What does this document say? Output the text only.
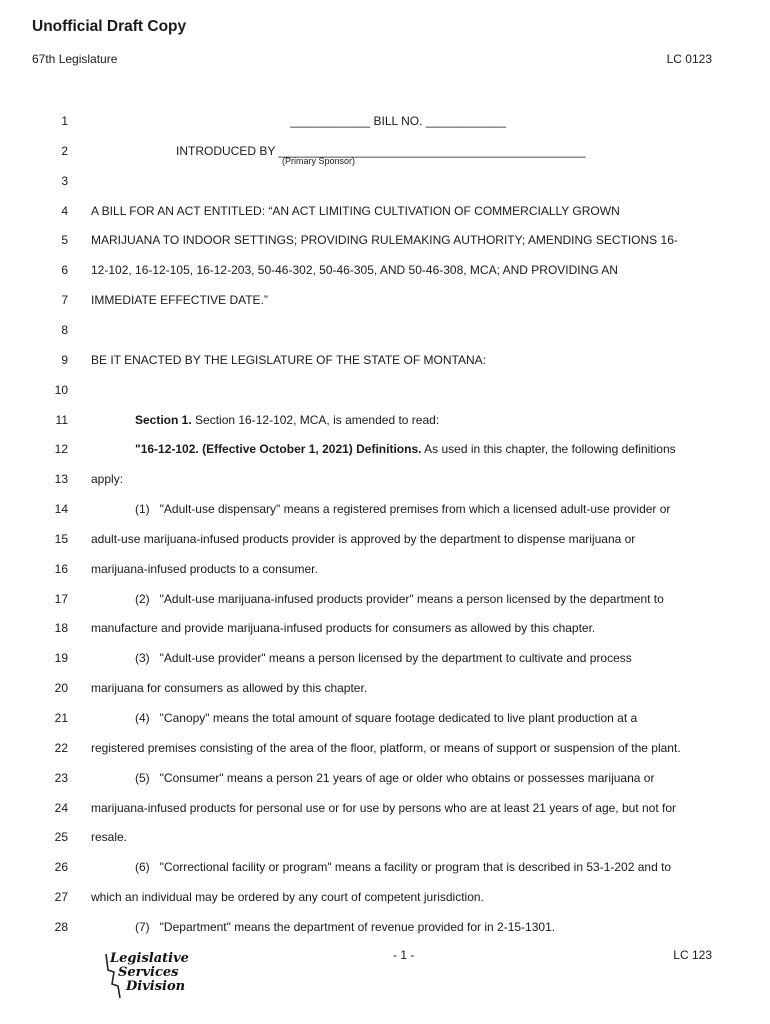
Unofficial Draft Copy
67th Legislature	LC 0123
1	____________ BILL NO. ____________
2	INTRODUCED BY ______________________________________________
3
4 A BILL FOR AN ACT ENTITLED: “AN ACT LIMITING CULTIVATION OF COMMERCIALLY GROWN
5 MARIJUANA TO INDOOR SETTINGS; PROVIDING RULEMAKING AUTHORITY; AMENDING SECTIONS 16-
6 12-102, 16-12-105, 16-12-203, 50-46-302, 50-46-305, AND 50-46-308, MCA; AND PROVIDING AN
7 IMMEDIATE EFFECTIVE DATE.”
8
9 BE IT ENACTED BY THE LEGISLATURE OF THE STATE OF MONTANA:
10
11	Section 1. Section 16-12-102, MCA, is amended to read:
12	"16-12-102. (Effective October 1, 2021) Definitions. As used in this chapter, the following definitions
13 apply:
14	(1)   "Adult-use dispensary" means a registered premises from which a licensed adult-use provider or
15 adult-use marijuana-infused products provider is approved by the department to dispense marijuana or
16 marijuana-infused products to a consumer.
17	(2)   "Adult-use marijuana-infused products provider" means a person licensed by the department to
18 manufacture and provide marijuana-infused products for consumers as allowed by this chapter.
19	(3)   "Adult-use provider" means a person licensed by the department to cultivate and process
20 marijuana for consumers as allowed by this chapter.
21	(4)   "Canopy" means the total amount of square footage dedicated to live plant production at a
22 registered premises consisting of the area of the floor, platform, or means of support or suspension of the plant.
23	(5)   "Consumer" means a person 21 years of age or older who obtains or possesses marijuana or
24 marijuana-infused products for personal use or for use by persons who are at least 21 years of age, but not for
25 resale.
26	(6)   "Correctional facility or program" means a facility or program that is described in 53-1-202 and to
27 which an individual may be ordered by any court of competent jurisdiction.
28	(7)   "Department" means the department of revenue provided for in 2-15-1301.
(Primary Sponsor)
- 1 -	LC 123
Legislative
Services
Division
